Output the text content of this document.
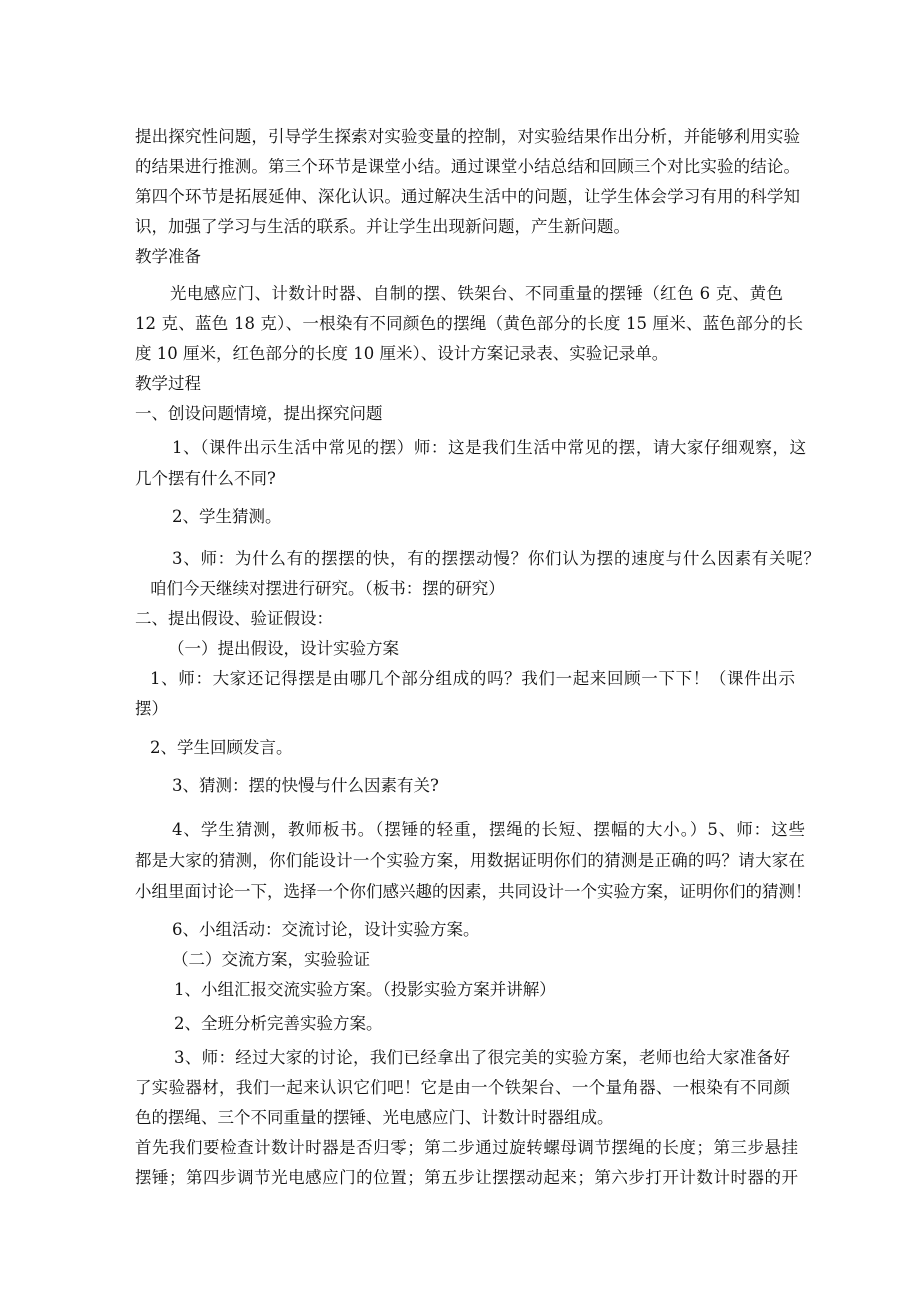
提出探究性问题，引导学生探索对实验变量的控制，对实验结果作出分析，并能够利用实验
的结果进行推测。第三个环节是课堂小结。通过课堂小结总结和回顾三个对比实验的结论。
第四个环节是拓展延伸、深化认识。通过解决生活中的问题，让学生体会学习有用的科学知
识，加强了学习与生活的联系。并让学生出现新问题，产生新问题。
教学准备
光电感应门、计数计时器、自制的摆、铁架台、不同重量的摆锤（红色 6 克、黄色
12 克、蓝色 18 克）、一根染有不同颜色的摆绳（黄色部分的长度 15 厘米、蓝色部分的长
度 10 厘米，红色部分的长度 10 厘米）、设计方案记录表、实验记录单。
教学过程
一、创设问题情境，提出探究问题
1、（课件出示生活中常见的摆）师：这是我们生活中常见的摆，请大家仔细观察，这
几个摆有什么不同?
2、学生猜测。
3、师：为什么有的摆摆的快，有的摆摆动慢？你们认为摆的速度与什么因素有关呢？
咱们今天继续对摆进行研究。（板书：摆的研究）
二、提出假设、验证假设：
（一）提出假设，设计实验方案
1、师：大家还记得摆是由哪几个部分组成的吗？我们一起来回顾一下下！（课件出示
摆）
2、学生回顾发言。
3、猜测：摆的快慢与什么因素有关?
4、学生猜测，教师板书。（摆锤的轻重，摆绳的长短、摆幅的大小。）5、师：这些
都是大家的猜测，你们能设计一个实验方案，用数据证明你们的猜测是正确的吗？请大家在
小组里面讨论一下，选择一个你们感兴趣的因素，共同设计一个实验方案，证明你们的猜测！
6、小组活动：交流讨论，设计实验方案。
（二）交流方案，实验验证
1、小组汇报交流实验方案。（投影实验方案并讲解）
2、全班分析完善实验方案。
3、师：经过大家的讨论，我们已经拿出了很完美的实验方案，老师也给大家准备好
了实验器材，我们一起来认识它们吧！它是由一个铁架台、一个量角器、一根染有不同颜
色的摆绳、三个不同重量的摆锤、光电感应门、计数计时器组成。
首先我们要检查计数计时器是否归零；第二步通过旋转螺母调节摆绳的长度；第三步悬挂
摆锤；第四步调节光电感应门的位置；第五步让摆摆动起来；第六步打开计数计时器的开
